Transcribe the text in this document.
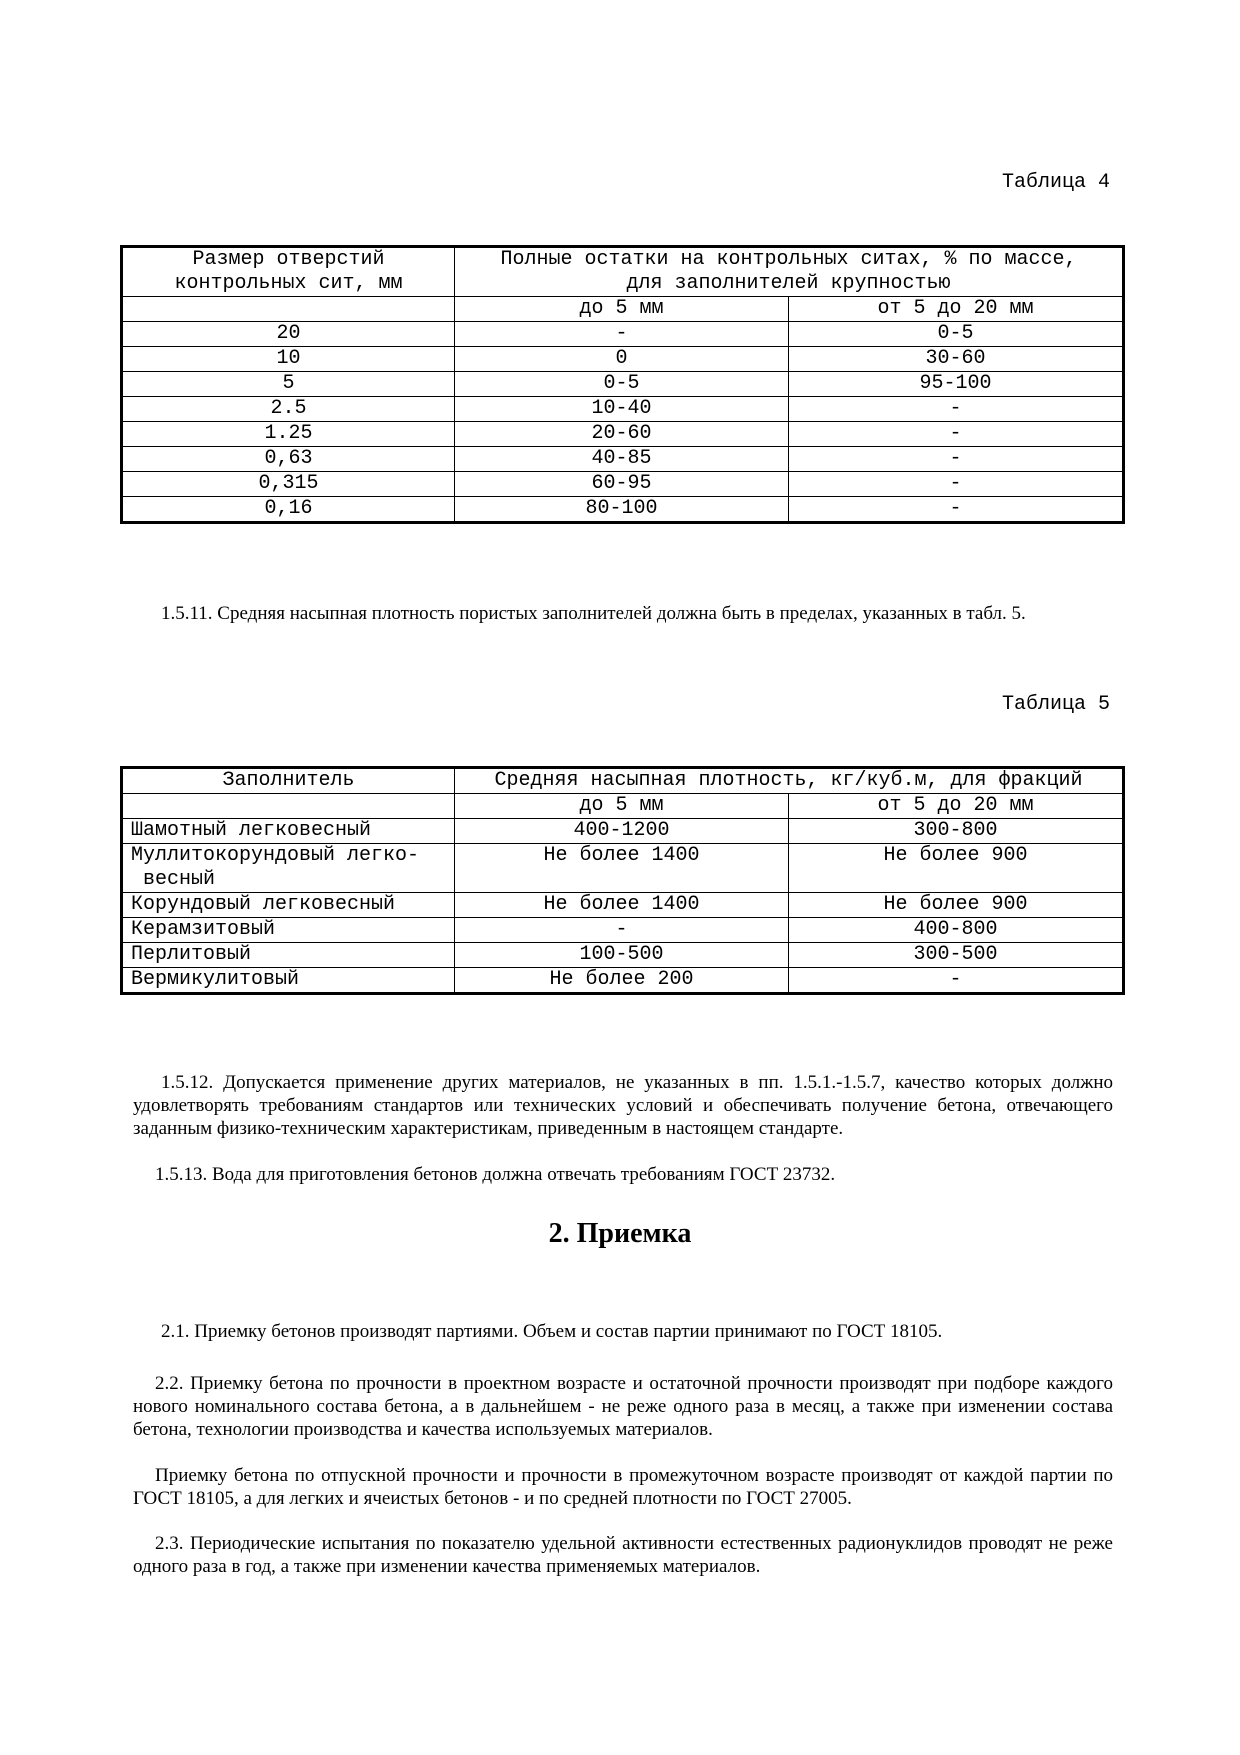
Таблица 4
Размер отверстий
контрольных сит, мм	Полные остатки на контрольных ситах, % по массе,
для заполнителей крупностью	
	до 5 мм	от 5 до 20 мм
20	-	0-5
10	0	30-60
5	0-5	95-100
2.5	10-40	-
1.25	20-60	-
0,63	40-85	-
0,315	60-95	-
0,16	80-100	-
1.5.11. Средняя насыпная плотность пористых заполнителей должна быть в пределах, указанных в табл. 5.
Таблица 5
Заполнитель	Средняя насыпная плотность, кг/куб.м, для фракций	
	до 5 мм	от 5 до 20 мм
Шамотный легковесный	400-1200	300-800
Муллитокорундовый легко-
весный	Не более 1400	Не более 900
Корундовый легковесный	Не более 1400	Не более 900
Керамзитовый	-	400-800
Перлитовый	100-500	300-500
Вермикулитовый	Не более 200	-
1.5.12. Допускается применение других материалов, не указанных в пп. 1.5.1.-1.5.7, качество которых должно удовлетворять требованиям стандартов или технических условий и обеспечивать получение бетона, отвечающего заданным физико-техническим характеристикам, приведенным в настоящем стандарте.
1.5.13. Вода для приготовления бетонов должна отвечать требованиям ГОСТ 23732.
2. Приемка
2.1. Приемку бетонов производят партиями. Объем и состав партии принимают по ГОСТ 18105.
2.2. Приемку бетона по прочности в проектном возрасте и остаточной прочности производят при подборе каждого нового номинального состава бетона, а в дальнейшем - не реже одного раза в месяц, а также при изменении состава бетона, технологии производства и качества используемых материалов.
Приемку бетона по отпускной прочности и прочности в промежуточном возрасте производят от каждой партии по ГОСТ 18105, а для легких и ячеистых бетонов - и по средней плотности по ГОСТ 27005.
2.3. Периодические испытания по показателю удельной активности естественных радионуклидов проводят не реже одного раза в год, а также при изменении качества применяемых материалов.
